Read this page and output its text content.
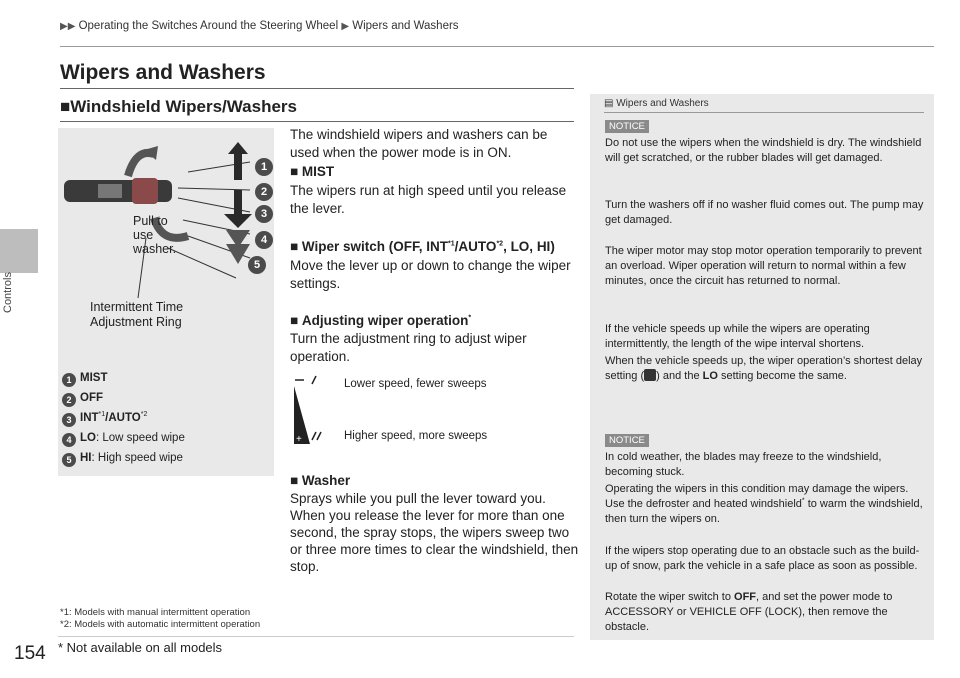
Controls
▶▶ Operating the Switches Around the Steering Wheel ▶ Wipers and Washers
Wipers and Washers
■Windshield Wipers/Washers
1
2
3
4
5
Pull to
use
washer.
Intermittent Time
Adjustment Ring
1 MIST
2 OFF
3 INT$^{*1}$/AUTO$^{*2}$
4 LO: Low speed wipe
5 HI: High speed wipe
The windshield wipers and washers can be used when the power mode is in ON.
■ MIST
The wipers run at high speed until you release the lever.
■ Wiper switch (OFF, INT$^{*1}$/AUTO$^{*2}$, LO, HI)
Move the lever up or down to change the wiper settings.
■ Adjusting wiper operation*
Turn the adjustment ring to adjust wiper operation.
+
Lower speed, fewer sweeps
Higher speed, more sweeps
■ Washer
Sprays while you pull the lever toward you. When you release the lever for more than one second, the spray stops, the wipers sweep two or three more times to clear the windshield, then stop.
*1: Models with manual intermittent operation
*2: Models with automatic intermittent operation
154 * Not available on all models
▤ Wipers and Washers
NOTICE
Do not use the wipers when the windshield is dry. The windshield will get scratched, or the rubber blades will get damaged.
Turn the washers off if no washer fluid comes out. The pump may get damaged.
The wiper motor may stop motor operation temporarily to prevent an overload. Wiper operation will return to normal within a few minutes, once the circuit has returned to normal.
If the vehicle speeds up while the wipers are operating intermittently, the length of the wipe interval shortens.
When the vehicle speeds up, the wiper operation’s shortest delay setting ( ) and the LO setting become the same.
NOTICE
In cold weather, the blades may freeze to the windshield, becoming stuck.
Operating the wipers in this condition may damage the wipers. Use the defroster and heated windshield* to warm the windshield, then turn the wipers on.
If the wipers stop operating due to an obstacle such as the build-up of snow, park the vehicle in a safe place as soon as possible.
Rotate the wiper switch to OFF, and set the power mode to ACCESSORY or VEHICLE OFF (LOCK), then remove the obstacle.
